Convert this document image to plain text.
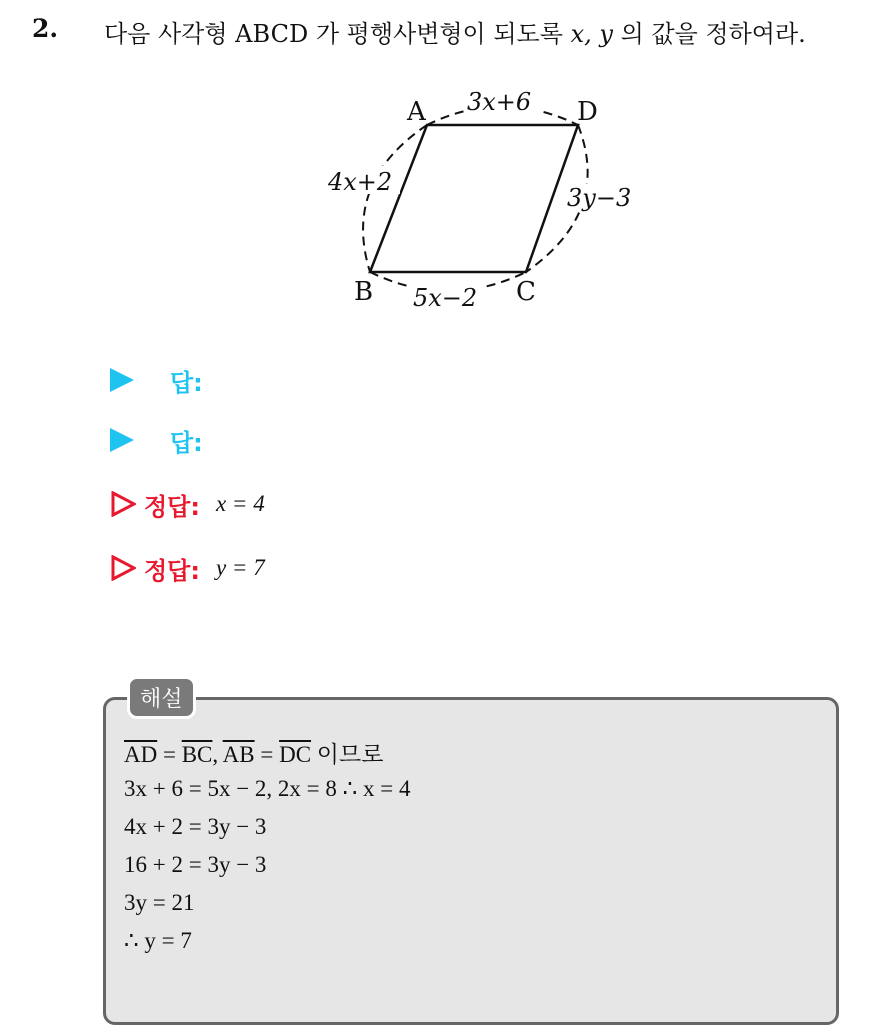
2. 다음 사각형 ABCD 가 평행사변형이 되도록 x, y 의 값을 정하여라.
A	D
B	C
3x+6
4x+2
3y−3
5x−2
답:
답:
정답: x = 4
정답: y = 7
해설
$\overline{AD} = \overline{BC}$, $\overline{AB} = \overline{DC}$ 이므로
3x + 6 = 5x − 2, 2x = 8 ∴ x = 4
4x + 2 = 3y − 3
16 + 2 = 3y − 3
3y = 21
∴ y = 7
